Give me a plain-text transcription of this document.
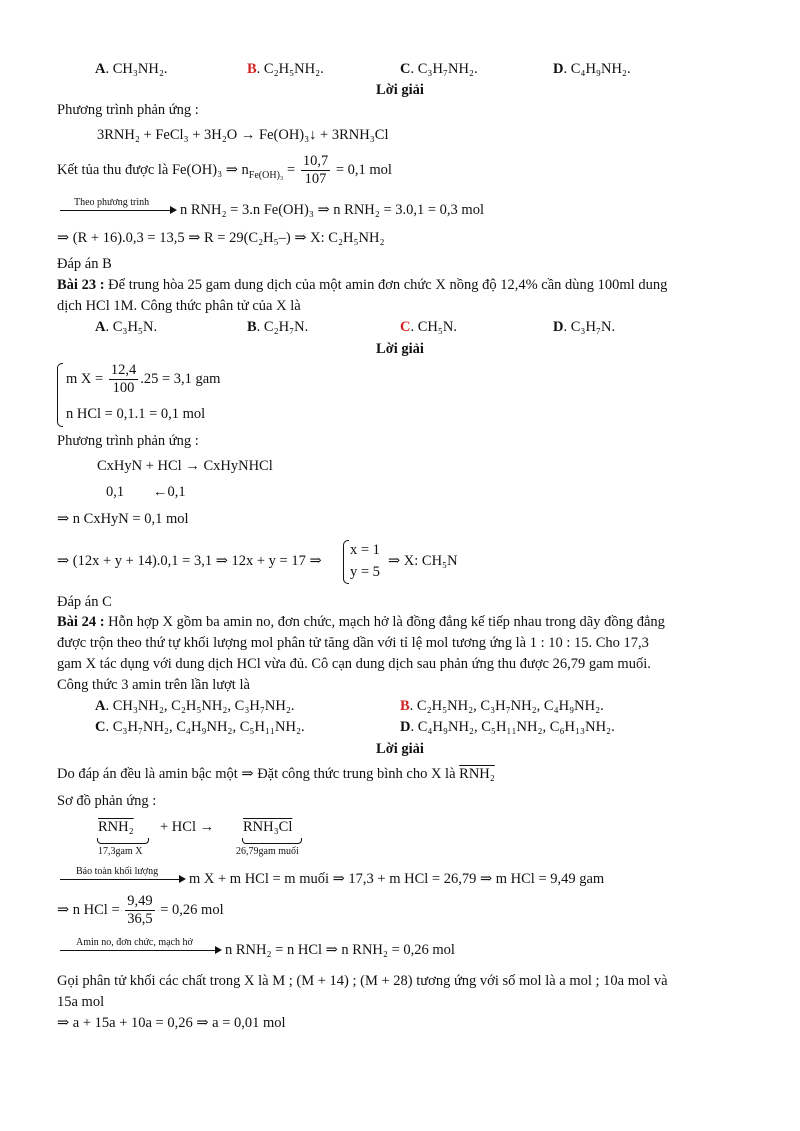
A. CH₃NH₂.	B. C₂H₅NH₂.	C. C₃H₇NH₂.	D. C₄H₉NH₂.
Lời giải
Phương trình phản ứng :
3RNH₂ + FeCl₃ + 3H₂O → Fe(OH)₃↓ + 3RNH₃Cl
Kết tủa thu được là Fe(OH)₃ ⇒ $n_{Fe(OH)_3} = \frac{10,7}{107} = 0,1$ mol
Theo phương trình n RNH₂ = 3.n Fe(OH)₃ ⇒ n RNH₂ = 3.0,1 = 0,3 mol
⇒ (R + 16).0,3 = 13,5 ⇒ R = 29(C₂H₅–) ⇒ X: C₂H₅NH₂
Đáp án B
Bài 23 : Để trung hòa 25 gam dung dịch của một amin đơn chức X nồng độ 12,4% cần dùng 100ml dung
dịch HCl 1M. Công thức phân tử của X là
A. C₃H₅N.	B. C₂H₇N.	C. CH₅N.	D. C₃H₇N.
Lời giải
m $X = \frac{12,4}{100} .25 = 3,1$ gam
n HCl = 0,1.1 = 0,1 mol
Phương trình phản ứng :
CxHyN + HCl → CxHyNHCl
0,1 ←0,1
⇒ n CxHyN = 0,1 mol
⇒ (12x + y + 14).0,1 = 3,1 ⇒ 12x + y = 17 ⇒
x = 1
y = 5
⇒ X: CH₅N
Đáp án C
Bài 24 : Hỗn hợp X gồm ba amin no, đơn chức, mạch hở là đồng đẳng kế tiếp nhau trong dãy đồng đẳng
được trộn theo thứ tự khối lượng mol phân tử tăng dần với tỉ lệ mol tương ứng là 1 : 10 : 15. Cho 17,3
gam X tác dụng với dung dịch HCl vừa đủ. Cô cạn dung dịch sau phản ứng thu được 26,79 gam muối.
Công thức 3 amin trên lần lượt là
A. CH₃NH₂, C₂H₅NH₂, C₃H₇NH₂.	B. C₂H₅NH₂, C₃H₇NH₂, C₄H₉NH₂.
C. C₃H₇NH₂, C₄H₉NH₂, C₅H₁₁NH₂.	D. C₄H₉NH₂, C₅H₁₁NH₂, C₆H₁₃NH₂.
Lời giải
Do đáp án đều là amin bậc một ⇒ Đặt công thức trung bình cho X là RNH₂
Sơ đồ phản ứng :
RNH₂
17,3gam X
+ HCl → RNH₃Cl
26,79gam muối
Bảo toàn khối lượng m X + m HCl = m muối ⇒ 17,3 + m HCl = 26,79 ⇒ m HCl = 9,49 gam
⇒ n HCl = $\frac{9,49}{36,5} = 0,26$ mol
Amin no, đơn chức, mạch hở n RNH₂ = n HCl ⇒ n RNH₂ = 0,26 mol
Gọi phân tử khối các chất trong X là M ; (M + 14) ; (M + 28) tương ứng với số mol là a mol ; 10a mol và
15a mol
⇒ a + 15a + 10a = 0,26 ⇒ a = 0,01 mol
